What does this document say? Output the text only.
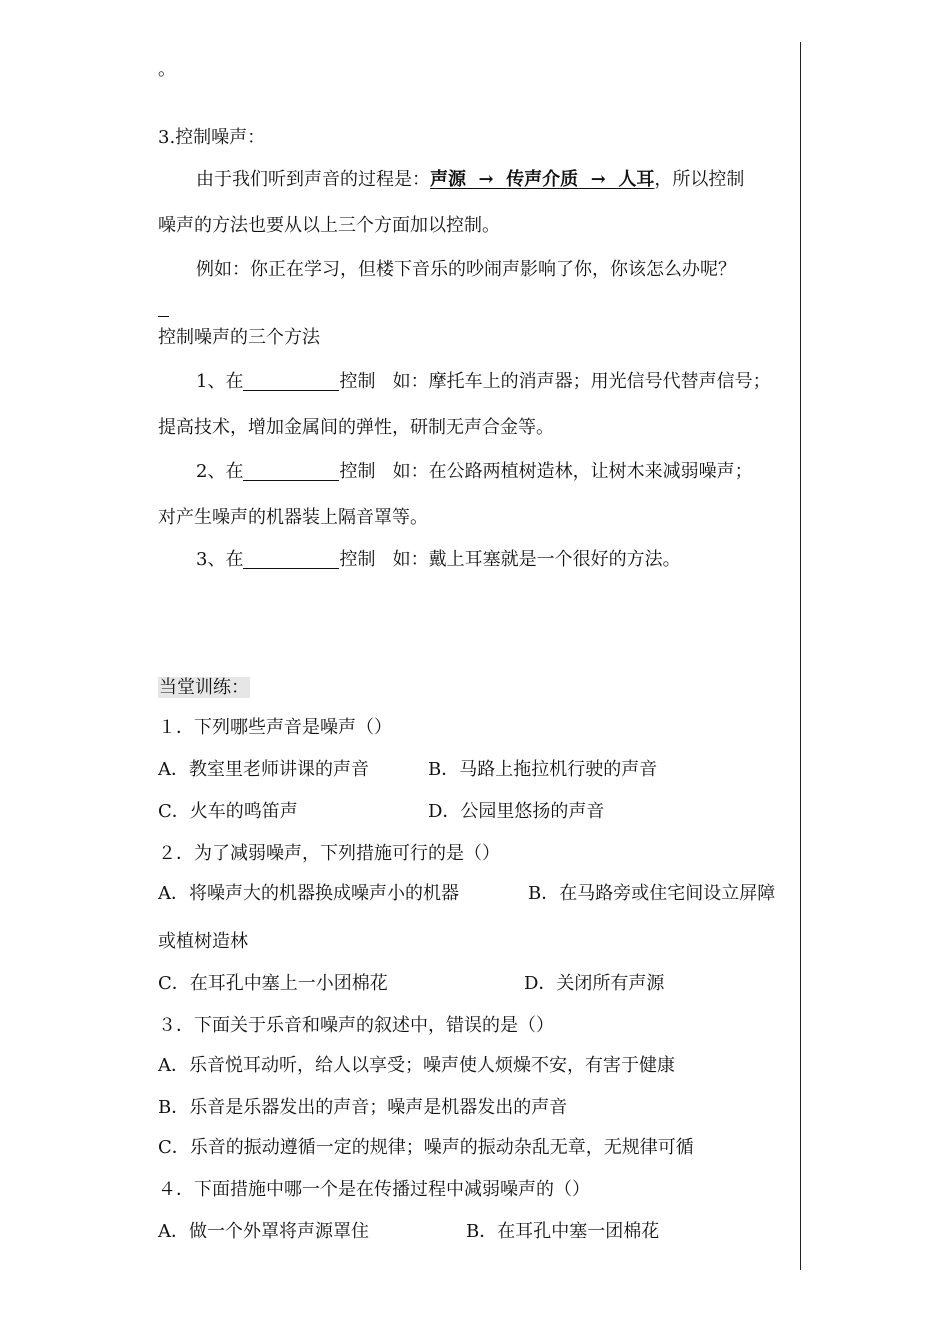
。
3.控制噪声：
由于我们听到声音的过程是：声源 → 传声介质 → 人耳，所以控制
噪声的方法也要从以上三个方面加以控制。
例如：你正在学习，但楼下音乐的吵闹声影响了你，你该怎么办呢？
控制噪声的三个方法
1、在	控制 如：摩托车上的消声器；用光信号代替声信号；
提高技术，增加金属间的弹性，研制无声合金等。
2、在	控制 如：在公路两植树造林，让树木来减弱噪声；
对产生噪声的机器装上隔音罩等。
3、在	控制 如：戴上耳塞就是一个很好的方法。
当堂训练：
１．下列哪些声音是噪声（）
A．教室里老师讲课的声音	B．马路上拖拉机行驶的声音
C．火车的鸣笛声	D．公园里悠扬的声音
２．为了减弱噪声，下列措施可行的是（）
A．将噪声大的机器换成噪声小的机器	B．在马路旁或住宅间设立屏障
或植树造林
C．在耳孔中塞上一小团棉花	D．关闭所有声源
３．下面关于乐音和噪声的叙述中，错误的是（）
A．乐音悦耳动听，给人以享受；噪声使人烦燥不安，有害于健康
B．乐音是乐器发出的声音；噪声是机器发出的声音
C．乐音的振动遵循一定的规律；噪声的振动杂乱无章，无规律可循
４．下面措施中哪一个是在传播过程中减弱噪声的（）
A．做一个外罩将声源罩住	B．在耳孔中塞一团棉花
